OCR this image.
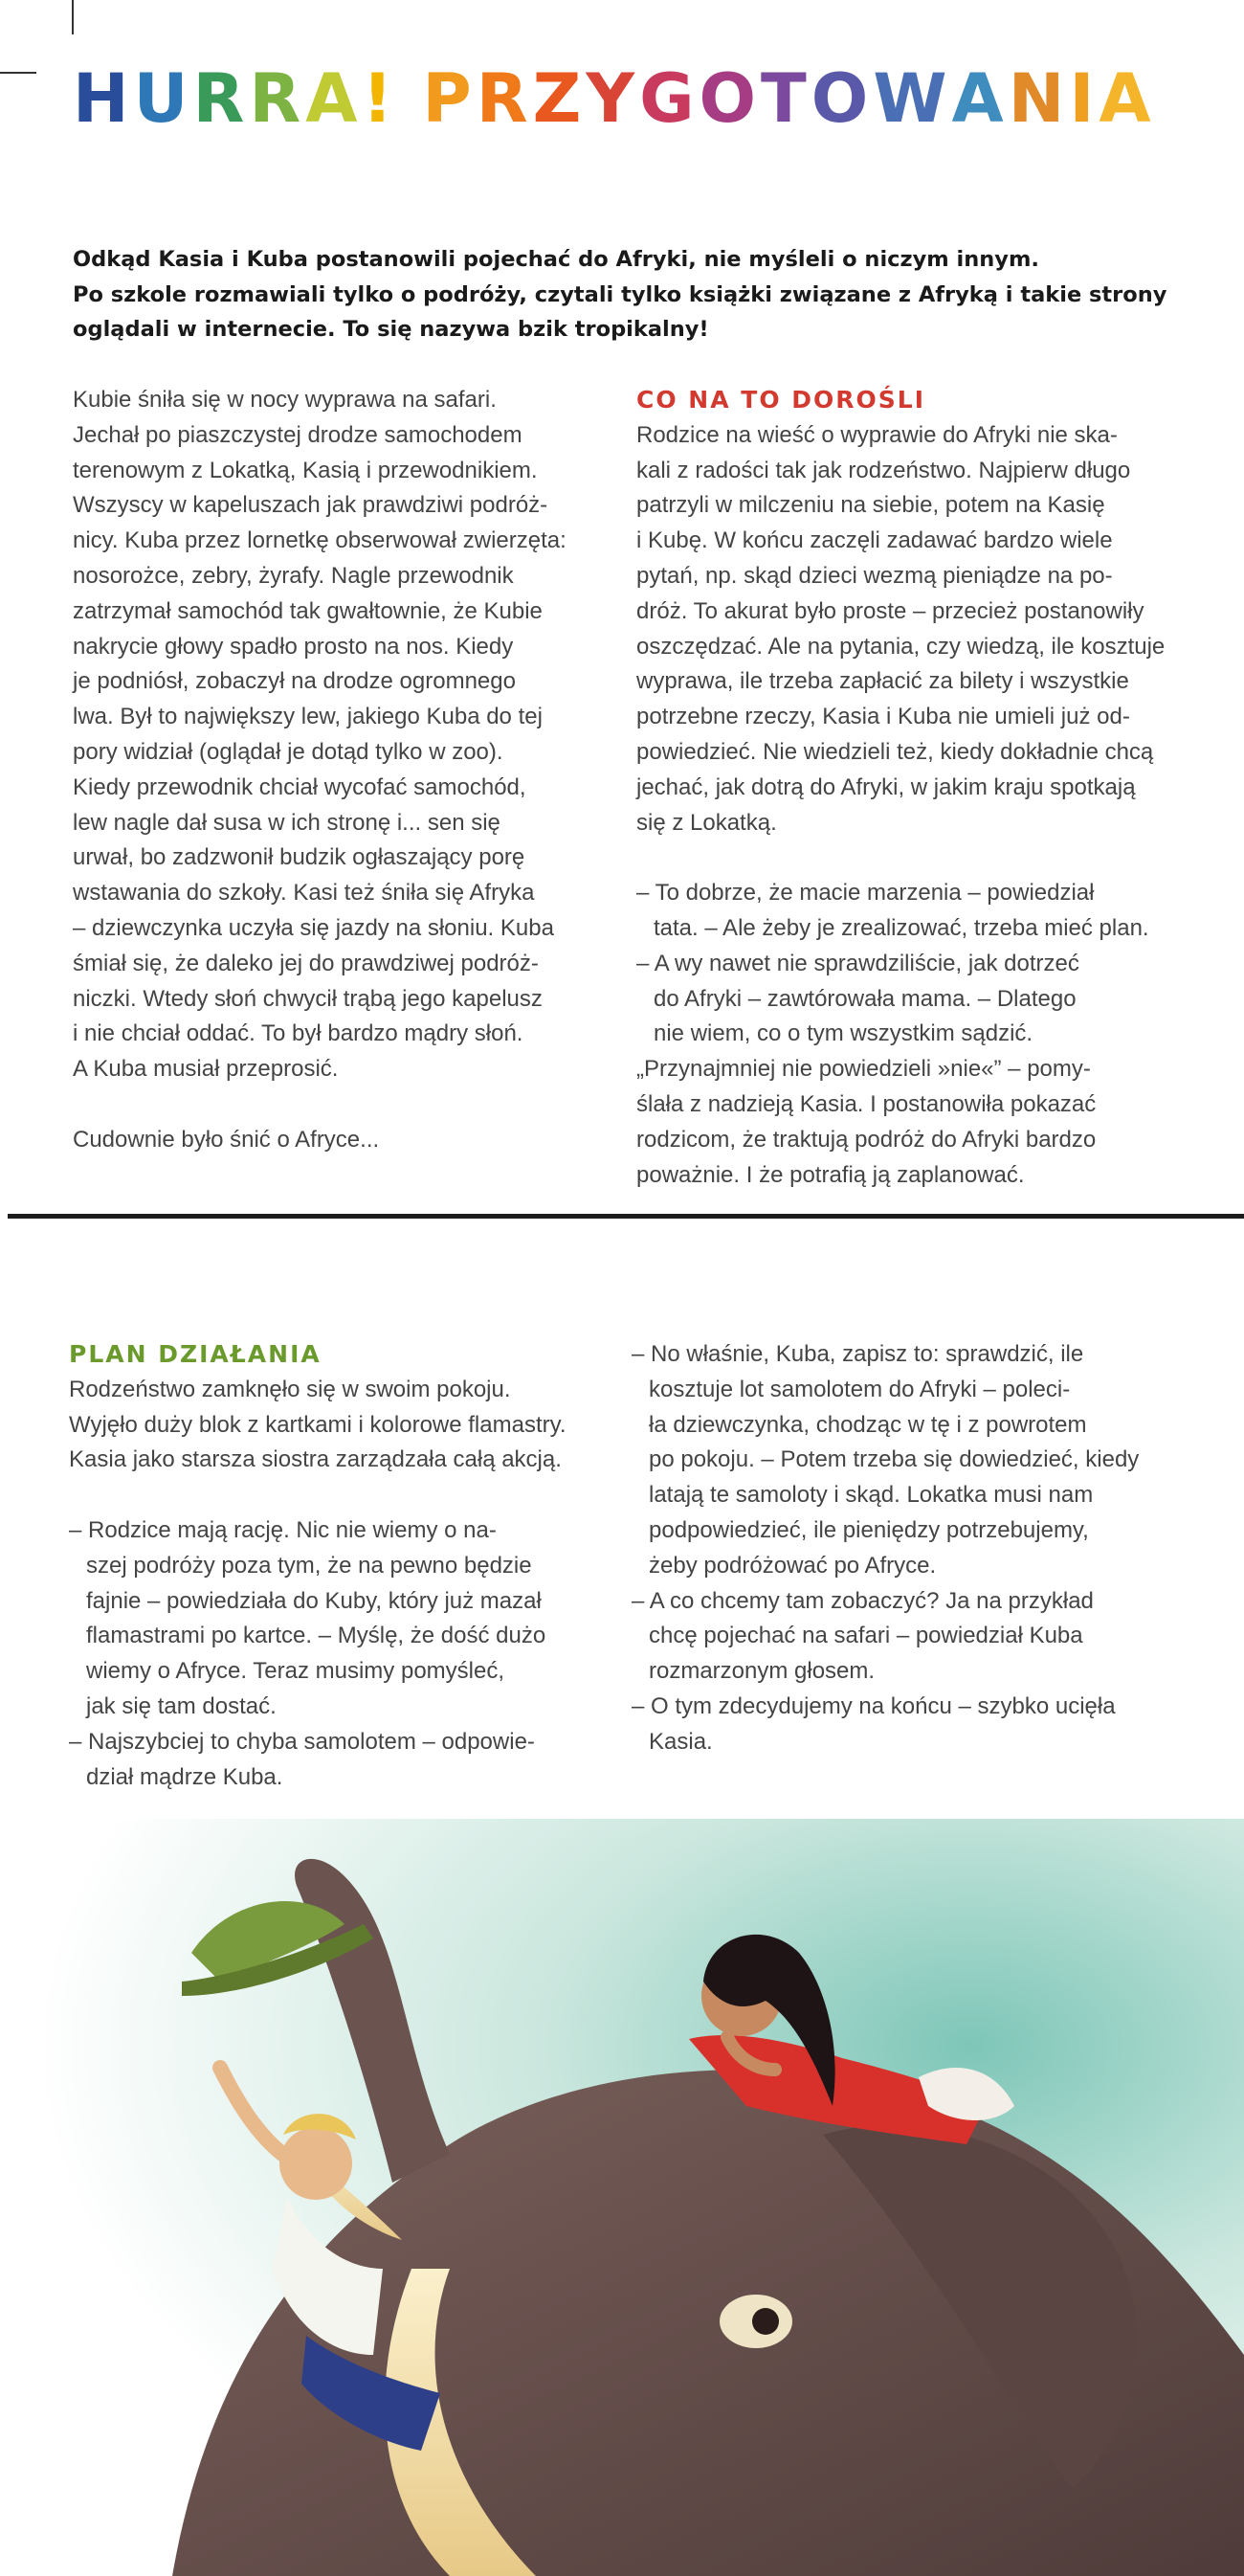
HURRA! PRZYGOTOWANIA
Odkąd Kasia i Kuba postanowili pojechać do Afryki, nie myśleli o niczym innym.
Po szkole rozmawiali tylko o podróży, czytali tylko książki związane z Afryką i takie strony
oglądali w internecie. To się nazywa bzik tropikalny!
Kubie śniła się w nocy wyprawa na safari.
Jechał po piaszczystej drodze samochodem
terenowym z Lokatką, Kasią i przewodnikiem.
Wszyscy w kapeluszach jak prawdziwi podróż-
nicy. Kuba przez lornetkę obserwował zwierzęta:
nosorożce, zebry, żyrafy. Nagle przewodnik
zatrzymał samochód tak gwałtownie, że Kubie
nakrycie głowy spadło prosto na nos. Kiedy
je podniósł, zobaczył na drodze ogromnego
lwa. Był to największy lew, jakiego Kuba do tej
pory widział (oglądał je dotąd tylko w zoo).
Kiedy przewodnik chciał wycofać samochód,
lew nagle dał susa w ich stronę i... sen się
urwał, bo zadzwonił budzik ogłaszający porę
wstawania do szkoły. Kasi też śniła się Afryka
– dziewczynka uczyła się jazdy na słoniu. Kuba
śmiał się, że daleko jej do prawdziwej podróż-
niczki. Wtedy słoń chwycił trąbą jego kapelusz
i nie chciał oddać. To był bardzo mądry słoń.
A Kuba musiał przeprosić.
Cudownie było śnić o Afryce...
CO NA TO DOROŚLI
Rodzice na wieść o wyprawie do Afryki nie ska-
kali z radości tak jak rodzeństwo. Najpierw długo
patrzyli w milczeniu na siebie, potem na Kasię
i Kubę. W końcu zaczęli zadawać bardzo wiele
pytań, np. skąd dzieci wezmą pieniądze na po-
dróż. To akurat było proste – przecież postanowiły
oszczędzać. Ale na pytania, czy wiedzą, ile kosztuje
wyprawa, ile trzeba zapłacić za bilety i wszystkie
potrzebne rzeczy, Kasia i Kuba nie umieli już od-
powiedzieć. Nie wiedzieli też, kiedy dokładnie chcą
jechać, jak dotrą do Afryki, w jakim kraju spotkają
się z Lokatką.
– To dobrze, że macie marzenia – powiedział
tata. – Ale żeby je zrealizować, trzeba mieć plan.
– A wy nawet nie sprawdziliście, jak dotrzeć
do Afryki – zawtórowała mama. – Dlatego
nie wiem, co o tym wszystkim sądzić.
„Przynajmniej nie powiedzieli »nie«” – pomy-
ślała z nadzieją Kasia. I postanowiła pokazać
rodzicom, że traktują podróż do Afryki bardzo
poważnie. I że potrafią ją zaplanować.
PLAN DZIAŁANIA
Rodzeństwo zamknęło się w swoim pokoju.
Wyjęło duży blok z kartkami i kolorowe flamastry.
Kasia jako starsza siostra zarządzała całą akcją.
– Rodzice mają rację. Nic nie wiemy o na-
szej podróży poza tym, że na pewno będzie
fajnie – powiedziała do Kuby, który już mazał
flamastrami po kartce. – Myślę, że dość dużo
wiemy o Afryce. Teraz musimy pomyśleć,
jak się tam dostać.
– Najszybciej to chyba samolotem – odpowie-
dział mądrze Kuba.
– No właśnie, Kuba, zapisz to: sprawdzić, ile
kosztuje lot samolotem do Afryki – poleci-
ła dziewczynka, chodząc w tę i z powrotem
po pokoju. – Potem trzeba się dowiedzieć, kiedy
latają te samoloty i skąd. Lokatka musi nam
podpowiedzieć, ile pieniędzy potrzebujemy,
żeby podróżować po Afryce.
– A co chcemy tam zobaczyć? Ja na przykład
chcę pojechać na safari – powiedział Kuba
rozmarzonym głosem.
– O tym zdecydujemy na końcu – szybko ucięła
Kasia.
